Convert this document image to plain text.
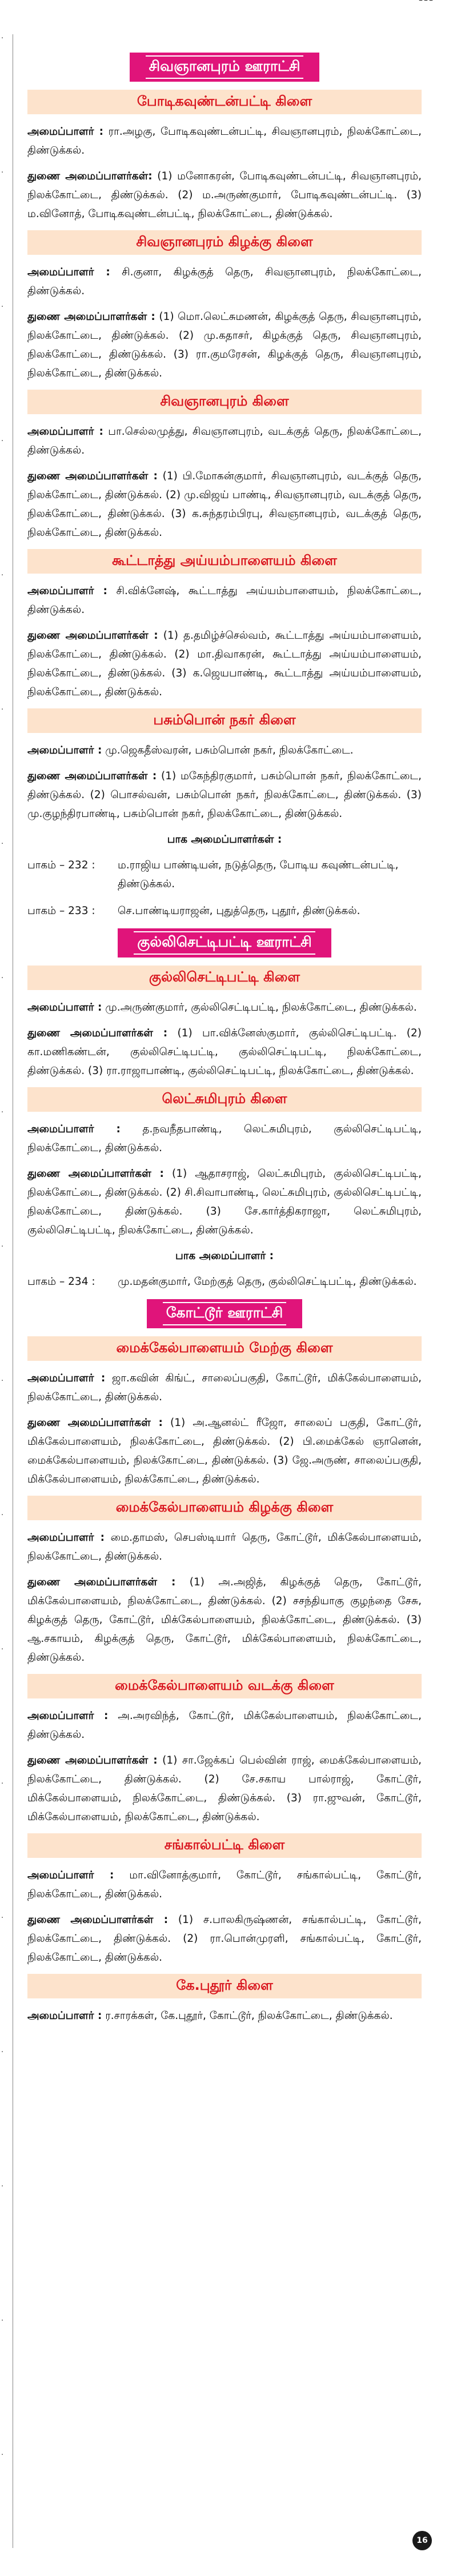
–––
·
·
·
·
·
·
·
·
·
·
·
·
·
·
·
·
·
·
·
சிவஞானபுரம் ஊராட்சி
போடிகவுண்டன்பட்டி கிளை

அமைப்பாளர் : ரா.அழகு, போடிகவுண்டன்பட்டி, சிவஞானபுரம், நிலக்கோட்டை, திண்டுக்கல்.

துணை அமைப்பாளர்கள்: (1) மனோகரன், போடிகவுண்டன்பட்டி, சிவஞானபுரம், நிலக்கோட்டை, திண்டுக்கல். (2) ம.அருண்குமார், போடிகவுண்டன்பட்டி. (3) ம.வினோத், போடிகவுண்டன்பட்டி, நிலக்கோட்டை, திண்டுக்கல்.

சிவஞானபுரம் கிழக்கு கிளை

அமைப்பாளர் : சி.குனா, கிழக்குத் தெரு, சிவஞானபுரம், நிலக்கோட்டை, திண்டுக்கல்.

துணை அமைப்பாளர்கள் : (1) மொ.லெட்சுமணன், கிழக்குத் தெரு, சிவஞானபுரம், நிலக்கோட்டை, திண்டுக்கல். (2) மு.கதாசர், கிழக்குத் தெரு, சிவஞானபுரம், நிலக்கோட்டை, திண்டுக்கல். (3) ரா.குமரேசன், கிழக்குத் தெரு, சிவஞானபுரம், நிலக்கோட்டை, திண்டுக்கல்.

சிவஞானபுரம் கிளை

அமைப்பாளர் : பா.செல்லமுத்து, சிவஞானபுரம், வடக்குத் தெரு, நிலக்கோட்டை, திண்டுக்கல்.

துணை அமைப்பாளர்கள் : (1) பி.மோகன்குமார், சிவஞானபுரம், வடக்குத் தெரு, நிலக்கோட்டை, திண்டுக்கல். (2) மு.விஜய் பாண்டி, சிவஞானபுரம், வடக்குத் தெரு, நிலக்கோட்டை, திண்டுக்கல். (3) க.சுந்தரம்பிரபு, சிவஞானபுரம், வடக்குத் தெரு, நிலக்கோட்டை, திண்டுக்கல்.

கூட்டாத்து அய்யம்பாளையம் கிளை

அமைப்பாளர் : சி.விக்னேஷ், கூட்டாத்து அய்யம்பாளையம், நிலக்கோட்டை, திண்டுக்கல்.

துணை அமைப்பாளர்கள் : (1) த.தமிழ்ச்செல்வம், கூட்டாத்து அய்யம்பாளையம், நிலக்கோட்டை, திண்டுக்கல். (2) மா.திவாகரன், கூட்டாத்து அய்யம்பாளையம், நிலக்கோட்டை, திண்டுக்கல். (3) க.ஜெயபாண்டி, கூட்டாத்து அய்யம்பாளையம், நிலக்கோட்டை, திண்டுக்கல்.

பசும்பொன் நகர் கிளை

அமைப்பாளர் : மு.ஜெகதீஸ்வரன், பசும்பொன் நகர், நிலக்கோட்டை.

துணை அமைப்பாளர்கள் : (1) மகேந்திரகுமார், பசும்பொன் நகர், நிலக்கோட்டை, திண்டுக்கல். (2) பொசல்வன், பசும்பொன் நகர், நிலக்கோட்டை, திண்டுக்கல். (3) மு.குழந்திரபாண்டி, பசும்பொன் நகர், நிலக்கோட்டை, திண்டுக்கல்.

பாக அமைப்பாளர்கள் :
பாகம் – 232 :	ம.ராஜிய பாண்டியன், நடுத்தெரு, போடிய கவுண்டன்பட்டி, திண்டுக்கல்.
பாகம் – 233 :	செ.பாண்டியராஜன், புதுத்தெரு, புதூர், திண்டுக்கல்.
குல்லிசெட்டிபட்டி ஊராட்சி
குல்லிசெட்டிபட்டி கிளை

அமைப்பாளர் : மு.அருண்குமார், குல்லிசெட்டிபட்டி, நிலக்கோட்டை, திண்டுக்கல்.

துணை அமைப்பாளர்கள் : (1) பா.விக்னேஸ்குமார், குல்லிசெட்டிபட்டி. (2) கா.மணிகண்டன், குல்லிசெட்டிபட்டி, குல்லிசெட்டிபட்டி, நிலக்கோட்டை, திண்டுக்கல். (3) ரா.ராஜாபாண்டி, குல்லிசெட்டிபட்டி, நிலக்கோட்டை, திண்டுக்கல்.

லெட்சுமிபுரம் கிளை

அமைப்பாளர் : த.நவநீதபாண்டி, லெட்சுமிபுரம், குல்லிசெட்டிபட்டி, நிலக்கோட்டை, திண்டுக்கல்.

துணை அமைப்பாளர்கள் : (1) ஆதாசராஜ், லெட்சுமிபுரம், குல்லிசெட்டிபட்டி, நிலக்கோட்டை, திண்டுக்கல். (2) சி.சிவாபாண்டி, லெட்சுமிபுரம், குல்லிசெட்டிபட்டி, நிலக்கோட்டை, திண்டுக்கல். (3) சே.கார்த்திகராஜா, லெட்சுமிபுரம், குல்லிசெட்டிபட்டி, நிலக்கோட்டை, திண்டுக்கல்.

பாக அமைப்பாளர் :
பாகம் – 234 :	மு.மதன்குமார், மேற்குத் தெரு, குல்லிசெட்டிபட்டி, திண்டுக்கல்.
கோட்டூர் ஊராட்சி
மைக்கேல்பாளையம் மேற்கு கிளை

அமைப்பாளர் : ஜா.கவின் கிங்ட், சாலைப்பகுதி, கோட்டூர், மிக்கேல்பாளையம், நிலக்கோட்டை, திண்டுக்கல்.

துணை அமைப்பாளர்கள் : (1) அ.ஆனல்ட் ரீஜோ, சாலைப் பகுதி, கோட்டூர், மிக்கேல்பாளையம், நிலக்கோட்டை, திண்டுக்கல். (2) பி.மைக்கேல் ஞானென், மைக்கேல்பாளையம், நிலக்கோட்டை, திண்டுக்கல். (3) ஜே.அருண், சாலைப்பகுதி, மிக்கேல்பாளையம், நிலக்கோட்டை, திண்டுக்கல்.

மைக்கேல்பாளையம் கிழக்கு கிளை

அமைப்பாளர் : மை.தாமஸ், செபஸ்டியார் தெரு, கோட்டூர், மிக்கேல்பாளையம், நிலக்கோட்டை, திண்டுக்கல்.

துணை அமைப்பாளர்கள் : (1) அ.அஜித், கிழக்குத் தெரு, கோட்டூர், மிக்கேல்பாளையம், நிலக்கோட்டை, திண்டுக்கல். (2) சசந்தியாகு குழந்தை சேசு, கிழக்குத் தெரு, கோட்டூர், மிக்கேல்பாளையம், நிலக்கோட்டை, திண்டுக்கல். (3) ஆ.சகாயம், கிழக்குத் தெரு, கோட்டூர், மிக்கேல்பாளையம், நிலக்கோட்டை, திண்டுக்கல்.

மைக்கேல்பாளையம் வடக்கு கிளை

அமைப்பாளர் : அ.அரவிந்த், கோட்டூர், மிக்கேல்பாளையம், நிலக்கோட்டை, திண்டுக்கல்.

துணை அமைப்பாளர்கள் : (1) சா.ஜேக்கப் பெல்வின் ராஜ், மைக்கேல்பாளையம், நிலக்கோட்டை, திண்டுக்கல். (2) சே.சகாய பால்ராஜ், கோட்டூர், மிக்கேல்பாளையம், நிலக்கோட்டை, திண்டுக்கல். (3) ரா.ஜுவன், கோட்டூர், மிக்கேல்பாளையம், நிலக்கோட்டை, திண்டுக்கல்.

சங்கால்பட்டி கிளை

அமைப்பாளர் : மா.வினோத்குமார், கோட்டூர், சங்கால்பட்டி, கோட்டூர், நிலக்கோட்டை, திண்டுக்கல்.

துணை அமைப்பாளர்கள் : (1) ச.பாலகிருஷ்ணன், சங்கால்பட்டி, கோட்டூர், நிலக்கோட்டை, திண்டுக்கல். (2) ரா.பொன்முரளி, சங்கால்பட்டி, கோட்டூர், நிலக்கோட்டை, திண்டுக்கல்.

கே.புதூர் கிளை

அமைப்பாளர் : ர.சாரக்கள், கே.புதூர், கோட்டூர், நிலக்கோட்டை, திண்டுக்கல்.

16
